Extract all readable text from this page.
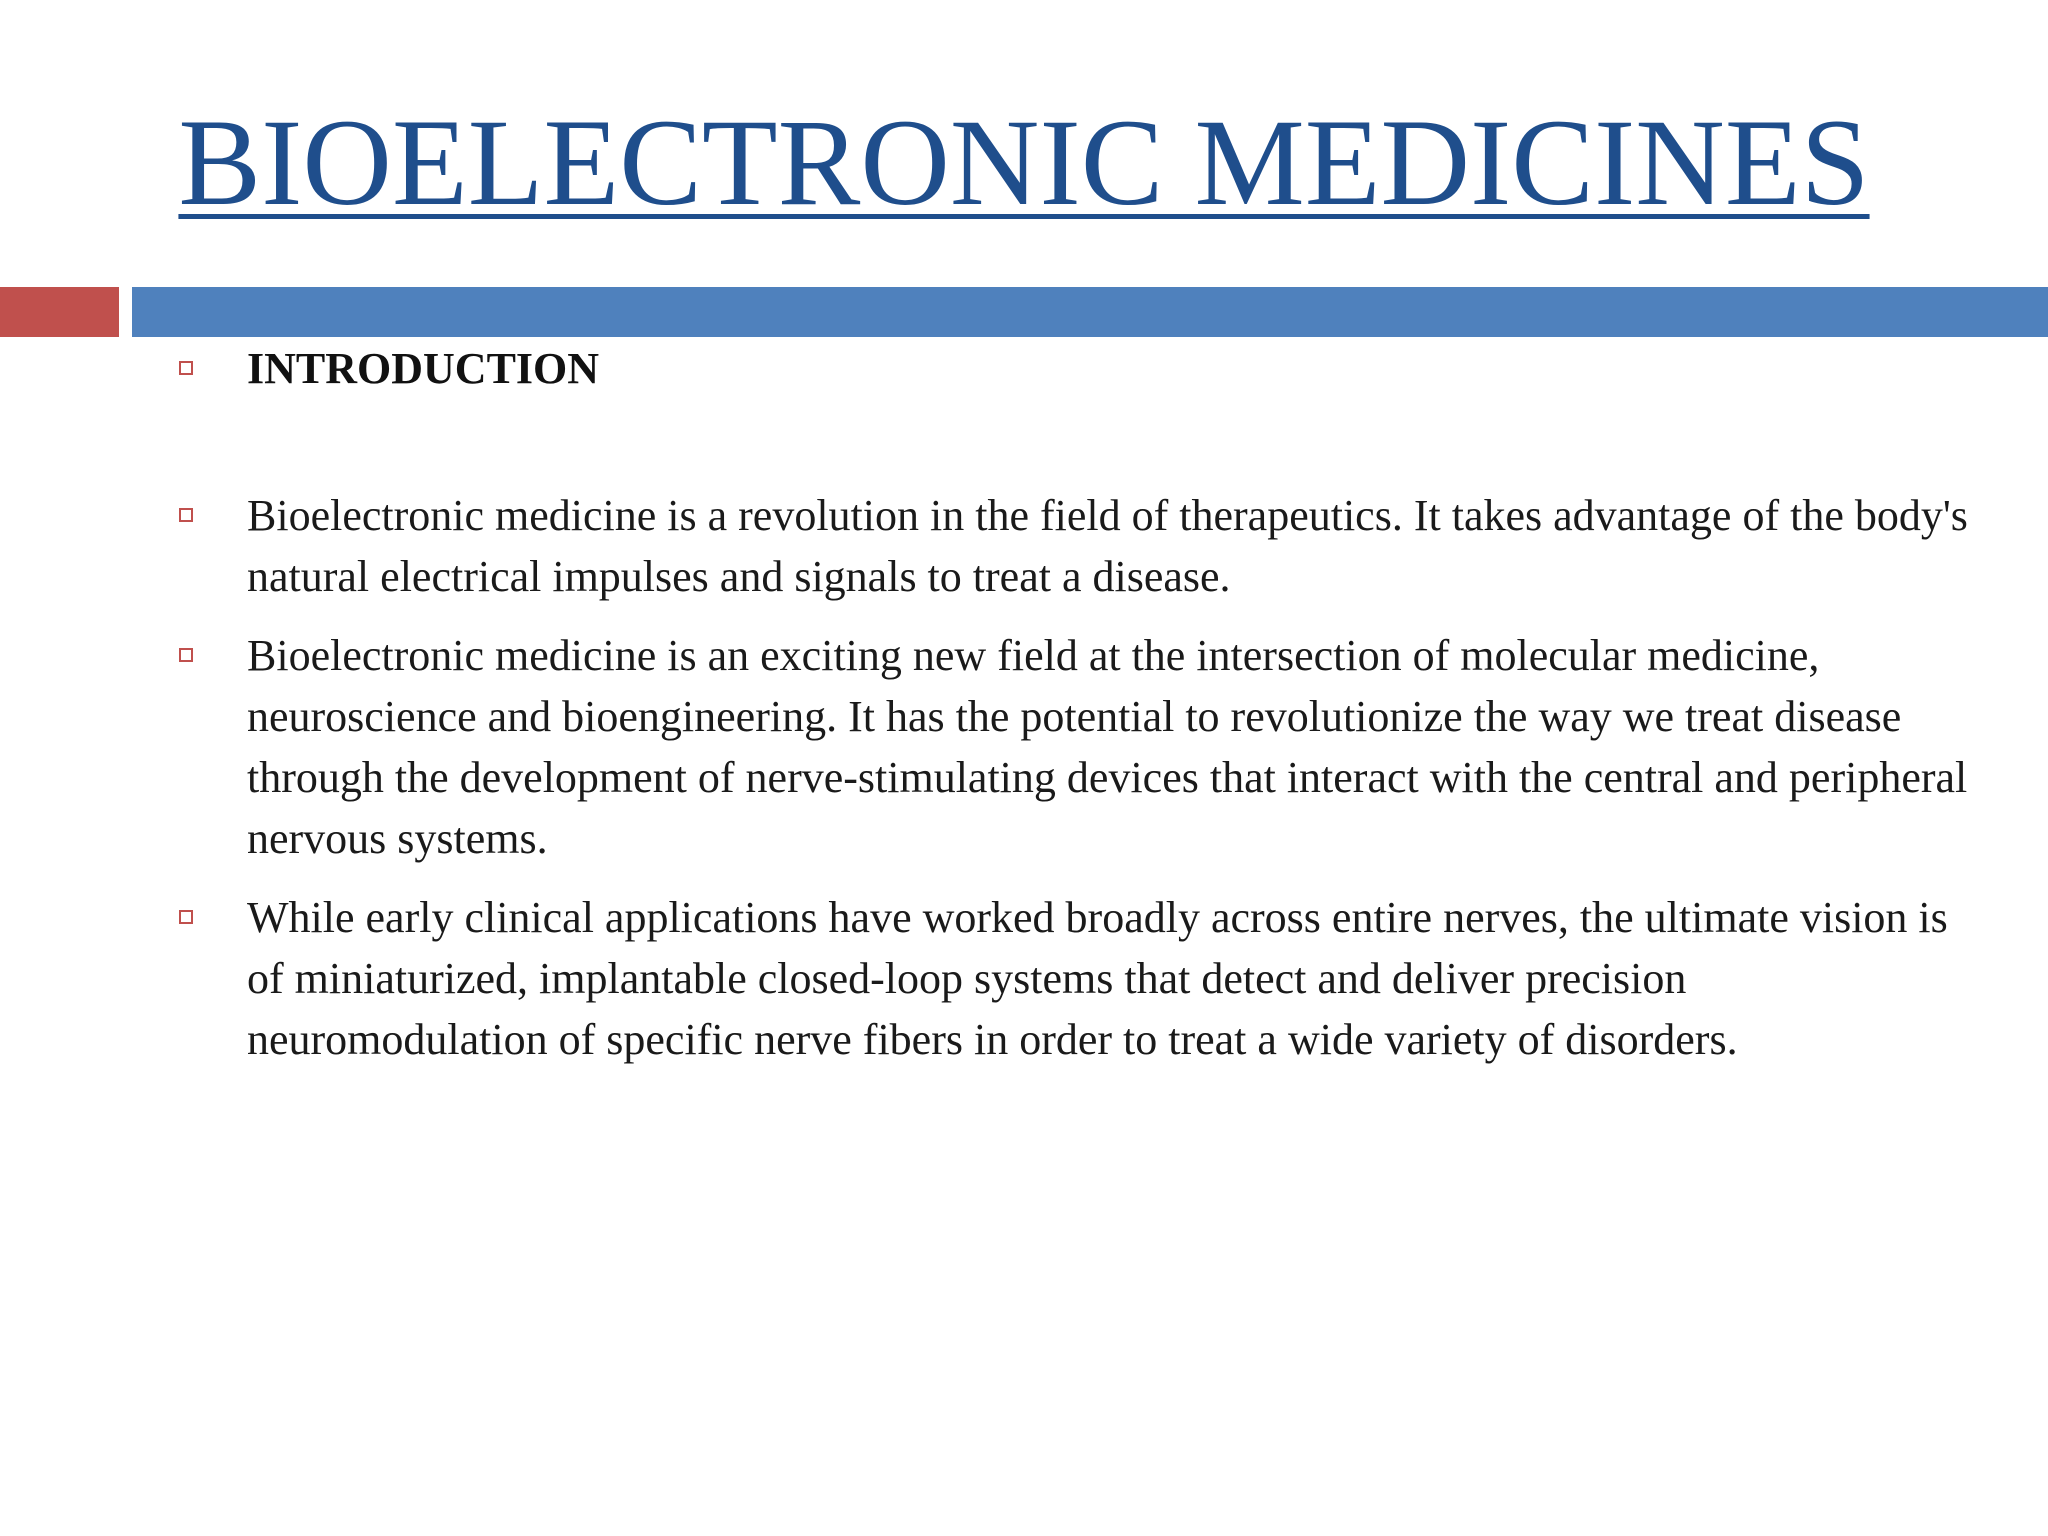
BIOELECTRONIC MEDICINES
INTRODUCTION
Bioelectronic medicine is a revolution in the field of therapeutics. It takes advantage of the body's natural electrical impulses and signals to treat a disease.
Bioelectronic medicine is an exciting new field at the intersection of molecular medicine, neuroscience and bioengineering. It has the potential to revolutionize the way we treat disease through the development of nerve-stimulating devices that interact with the central and peripheral nervous systems.
While early clinical applications have worked broadly across entire nerves, the ultimate vision is of miniaturized, implantable closed-loop systems that detect and deliver precision neuromodulation of specific nerve fibers in order to treat a wide variety of disorders.
